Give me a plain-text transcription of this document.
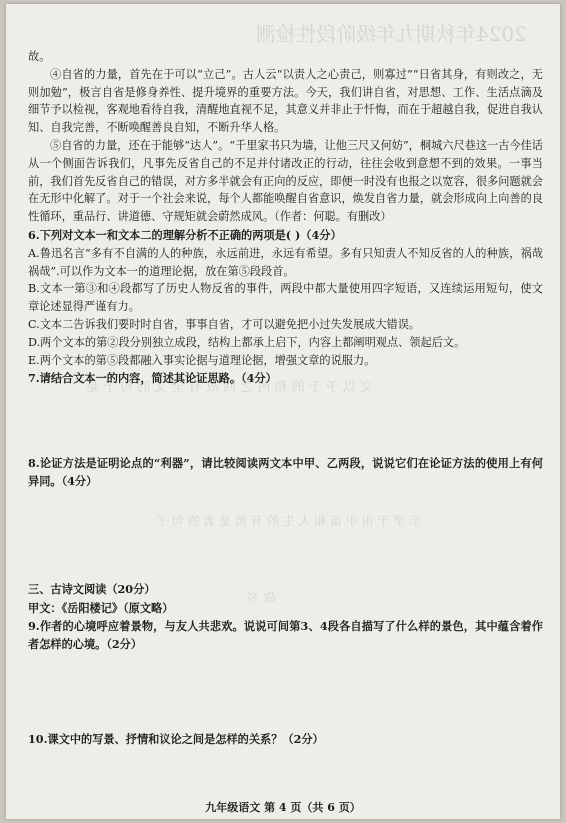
2024年秋期九年级阶段性检测
文 以 予 于 的 和 两 之 回 故 有 全 文 的 句 子 是
示 学 于 由 中 宙 和 人 生 的 有 照 是 表 的 句 子
故 乡

故。

④自省的力量，首先在于可以“立己”。古人云“以责人之心责己，则寡过”“日省其身，有则改之，无则加勉”，极言自省是修身养性、提升境界的重要方法。今天，我们讲自省，对思想、工作、生活点滴及细节予以检视，客观地看待自我，清醒地直视不足，其意义并非止于忏悔，而在于超越自我，促进自我认知、自我完善，不断唤醒善良自知，不断升华人格。

⑤自省的力量，还在于能够“达人”。“千里家书只为墙，让他三尺又何妨”，桐城六尺巷这一古今佳话从一个侧面告诉我们，凡事先反省自己的不足并付诸改正的行动，往往会收到意想不到的效果。一事当前，我们首先反省自己的错误，对方多半就会有正向的反应，即便一时没有也报之以宽容，很多问题就会在无形中化解了。对于一个社会来说，每个人都能唤醒自省意识，焕发自省力量，就会形成向上向善的良性循环，重品行、讲道德、守规矩就会蔚然成风。（作者：何聪。有删改）

6.下列对文本一和文本二的理解分析不正确的两项是( )（4分）

A.鲁迅名言“多有不自满的人的种族，永远前进，永远有希望。多有只知责人不知反省的人的种族，祸哉祸哉”.可以作为文本一的道理论据，放在第⑤段段首。

B.文本一第③和④段都写了历史人物反省的事件，两段中都大量使用四字短语，又连续运用短句，使文章论述显得严谨有力。

C.文本二告诉我们要时时自省，事事自省，才可以避免把小过失发展成大错误。

D.两个文本的第②段分别独立成段，结构上都承上启下，内容上都阐明观点、领起后文。

E.两个文本的第⑤段都融入事实论据与道理论据，增强文章的说服力。

7.请结合文本一的内容，简述其论证思路。（4分）

8.论证方法是证明论点的“利器”，请比较阅读两文本中甲、乙两段，说说它们在论证方法的使用上有何异同。（4分）

三、古诗文阅读（20分）

甲文：《岳阳楼记》（原文略）

9.作者的心境呼应着景物，与友人共悲欢。说说可间第3、4段各自描写了什么样的景色，其中蕴含着作者怎样的心境。（2分）

10.课文中的写景、抒情和议论之间是怎样的关系？（2分）

九年级语文 第 4 页（共 6 页）
